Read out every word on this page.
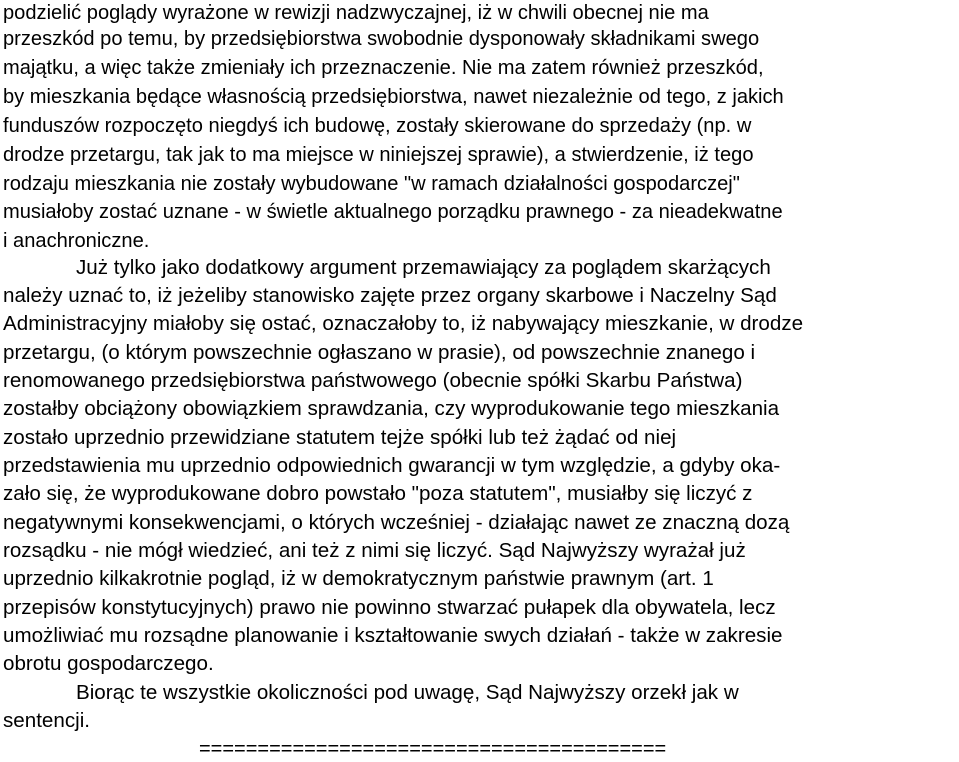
podzielić poglądy wyrażone w rewizji nadzwyczajnej, iż w chwili obecnej nie ma
przeszkód po temu, by przedsiębiorstwa swobodnie dysponowały składnikami swego
majątku, a więc także zmieniały ich przeznaczenie. Nie ma zatem również przeszkód,
by mieszkania będące własnością przedsiębiorstwa, nawet niezależnie od tego, z jakich
funduszów rozpoczęto niegdyś ich budowę, zostały skierowane do sprzedaży (np. w
drodze przetargu, tak jak to ma miejsce w niniejszej sprawie), a stwierdzenie, iż tego
rodzaju mieszkania nie zostały wybudowane "w ramach działalności gospodarczej"
musiałoby zostać uznane - w świetle aktualnego porządku prawnego - za nieadekwatne
i anachroniczne.
Już tylko jako dodatkowy argument przemawiający za poglądem skarżących
należy uznać to, iż jeżeliby stanowisko zajęte przez organy skarbowe i Naczelny Sąd
Administracyjny miałoby się ostać, oznaczałoby to, iż nabywający mieszkanie, w drodze
przetargu, (o którym powszechnie ogłaszano w prasie), od powszechnie znanego i
renomowanego przedsiębiorstwa państwowego (obecnie spółki Skarbu Państwa)
zostałby obciążony obowiązkiem sprawdzania, czy wyprodukowanie tego mieszkania
zostało uprzednio przewidziane statutem tejże spółki lub też żądać od niej
przedstawienia mu uprzednio odpowiednich gwarancji w tym względzie, a gdyby oka-
zało się, że wyprodukowane dobro powstało "poza statutem", musiałby się liczyć z
negatywnymi konsekwencjami, o których wcześniej - działając nawet ze znaczną dozą
rozsądku - nie mógł wiedzieć, ani też z nimi się liczyć. Sąd Najwyższy wyrażał już
uprzednio kilkakrotnie pogląd, iż w demokratycznym państwie prawnym (art. 1
przepisów konstytucyjnych) prawo nie powinno stwarzać pułapek dla obywatela, lecz
umożliwiać mu rozsądne planowanie i kształtowanie swych działań - także w zakresie
obrotu gospodarczego.
Biorąc te wszystkie okoliczności pod uwagę, Sąd Najwyższy orzekł jak w
sentencji.
========================================
